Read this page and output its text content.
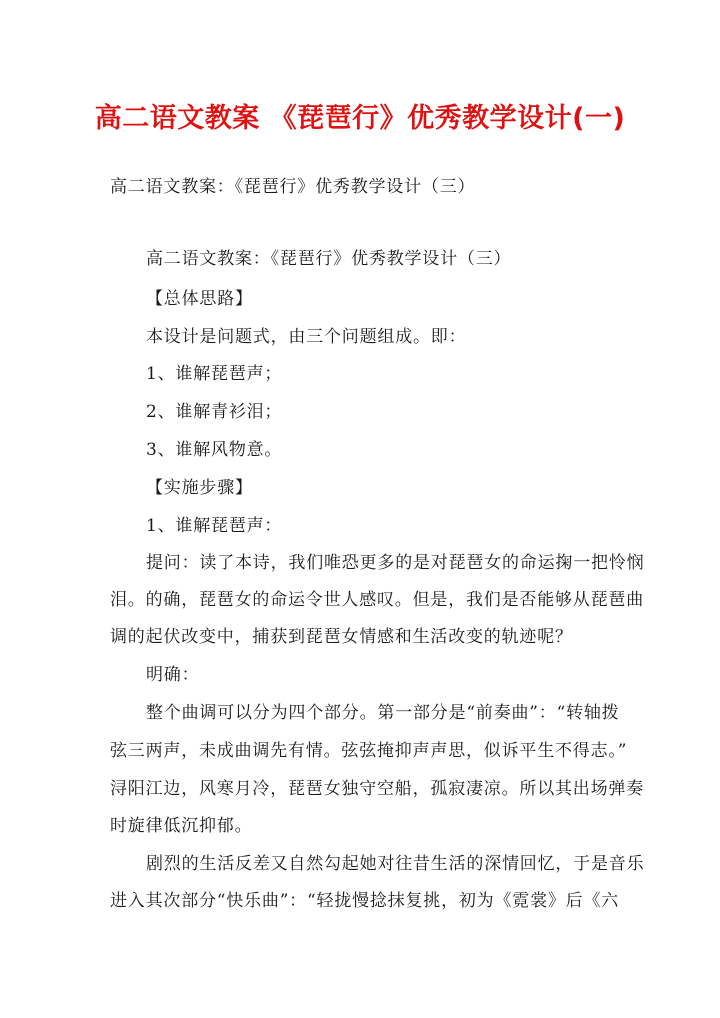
高二语文教案 《琵琶行》优秀教学设计(一)
高二语文教案：《琵琶行》优秀教学设计（三）
高二语文教案：《琵琶行》优秀教学设计（三）
【总体思路】
本设计是问题式，由三个问题组成。即：
1、谁解琵琶声；
2、谁解青衫泪；
3、谁解风物意。
【实施步骤】
1、谁解琵琶声：
提问：读了本诗，我们唯恐更多的是对琵琶女的命运掬一把怜悯
泪。的确，琵琶女的命运令世人感叹。但是，我们是否能够从琵琶曲
调的起伏改变中，捕获到琵琶女情感和生活改变的轨迹呢？
明确：
整个曲调可以分为四个部分。第一部分是“前奏曲”：“转轴拨
弦三两声，未成曲调先有情。弦弦掩抑声声思，似诉平生不得志。”
浔阳江边，风寒月冷，琵琶女独守空船，孤寂凄凉。所以其出场弹奏
时旋律低沉抑郁。
剧烈的生活反差又自然勾起她对往昔生活的深情回忆，于是音乐
进入其次部分“快乐曲”：“轻拢慢捻抹复挑，初为《霓裳》后《六
